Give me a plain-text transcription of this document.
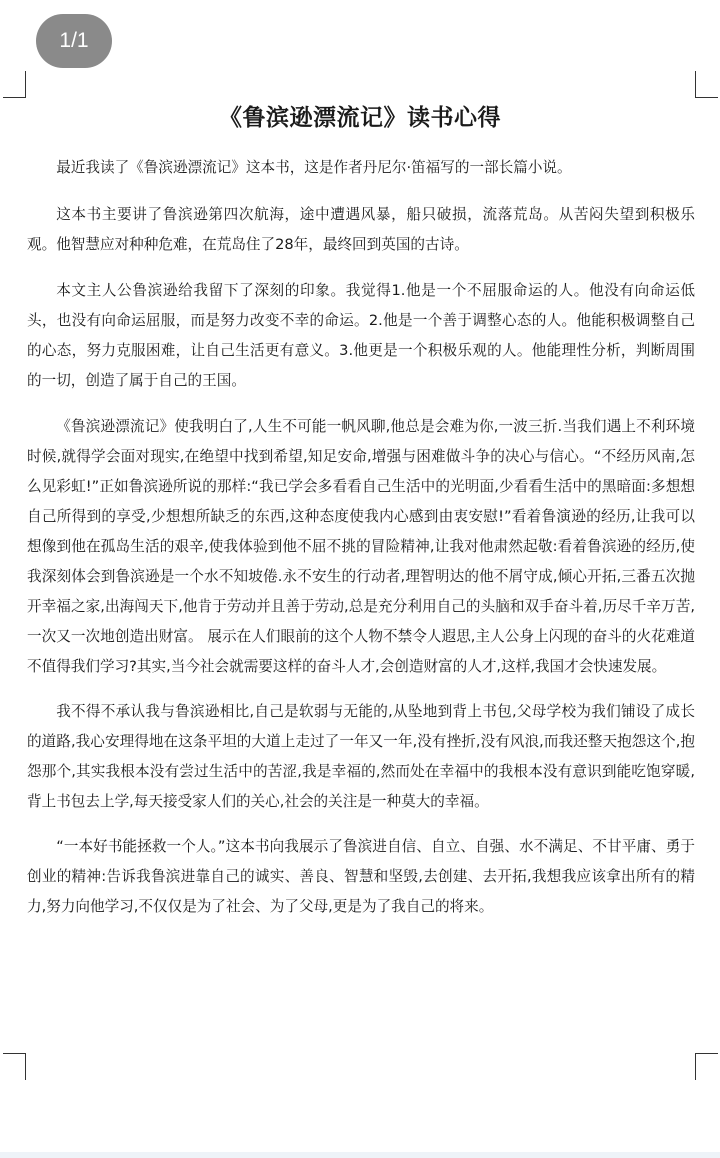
1/1
《鲁滨逊漂流记》读书心得

最近我读了《鲁滨逊漂流记》这本书，这是作者丹尼尔·笛福写的一部长篇小说。

这本书主要讲了鲁滨逊第四次航海，途中遭遇风暴，船只破损，流落荒岛。从苦闷失望到积极乐观。他智慧应对种种危难，在荒岛住了28年，最终回到英国的古诗。

本文主人公鲁滨逊给我留下了深刻的印象。我觉得1.他是一个不屈服命运的人。他没有向命运低头，也没有向命运屈服，而是努力改变不幸的命运。2.他是一个善于调整心态的人。他能积极调整自己的心态，努力克服困难，让自己生活更有意义。3.他更是一个积极乐观的人。他能理性分析，判断周围的一切，创造了属于自己的王国。

《鲁滨逊漂流记》使我明白了,人生不可能一帆风聊,他总是会难为你,一波三折.当我们遇上不利环境时候,就得学会面对现实,在绝望中找到希望,知足安命,增强与困难做斗争的决心与信心。“不经历风南,怎么见彩虹!”正如鲁滨逊所说的那样:“我已学会多看看自己生活中的光明面,少看看生活中的黑暗面:多想想自己所得到的享受,少想想所缺乏的东西,这种态度使我内心感到由衷安慰!”看着鲁演逊的经历,让我可以想像到他在孤岛生活的艰辛,使我体验到他不屈不挑的冒险精神,让我对他肃然起敬:看着鲁滨逊的经历,使我深刻体会到鲁滨逊是一个水不知坡倦.永不安生的行动者,理智明达的他不屑守成,倾心开拓,三番五次抛开幸福之家,出海闯天下,他肯于劳动并且善于劳动,总是充分利用自己的头脑和双手奋斗着,历尽千辛万苦,一次又一次地创造出财富。 展示在人们眼前的这个人物不禁令人遐思,主人公身上闪现的奋斗的火花难道不值得我们学习?其实,当今社会就需要这样的奋斗人才,会创造财富的人才,这样,我国才会快速发展。

我不得不承认我与鲁滨逊相比,自己是软弱与无能的,从坠地到背上书包,父母学校为我们铺设了成长的道路,我心安理得地在这条平坦的大道上走过了一年又一年,没有挫折,没有风浪,而我还整天抱怨这个,抱怨那个,其实我根本没有尝过生活中的苦涩,我是幸福的,然而处在幸福中的我根本没有意识到能吃饱穿暖,背上书包去上学,每天接受家人们的关心,社会的关注是一种莫大的幸福。

“一本好书能拯救一个人。”这本书向我展示了鲁滨进自信、自立、自强、水不满足、不甘平庸、勇于创业的精神:告诉我鲁滨进靠自己的诚实、善良、智慧和坚毁,去创建、去开拓,我想我应该拿出所有的精力,努力向他学习,不仅仅是为了社会、为了父母,更是为了我自己的将来。
